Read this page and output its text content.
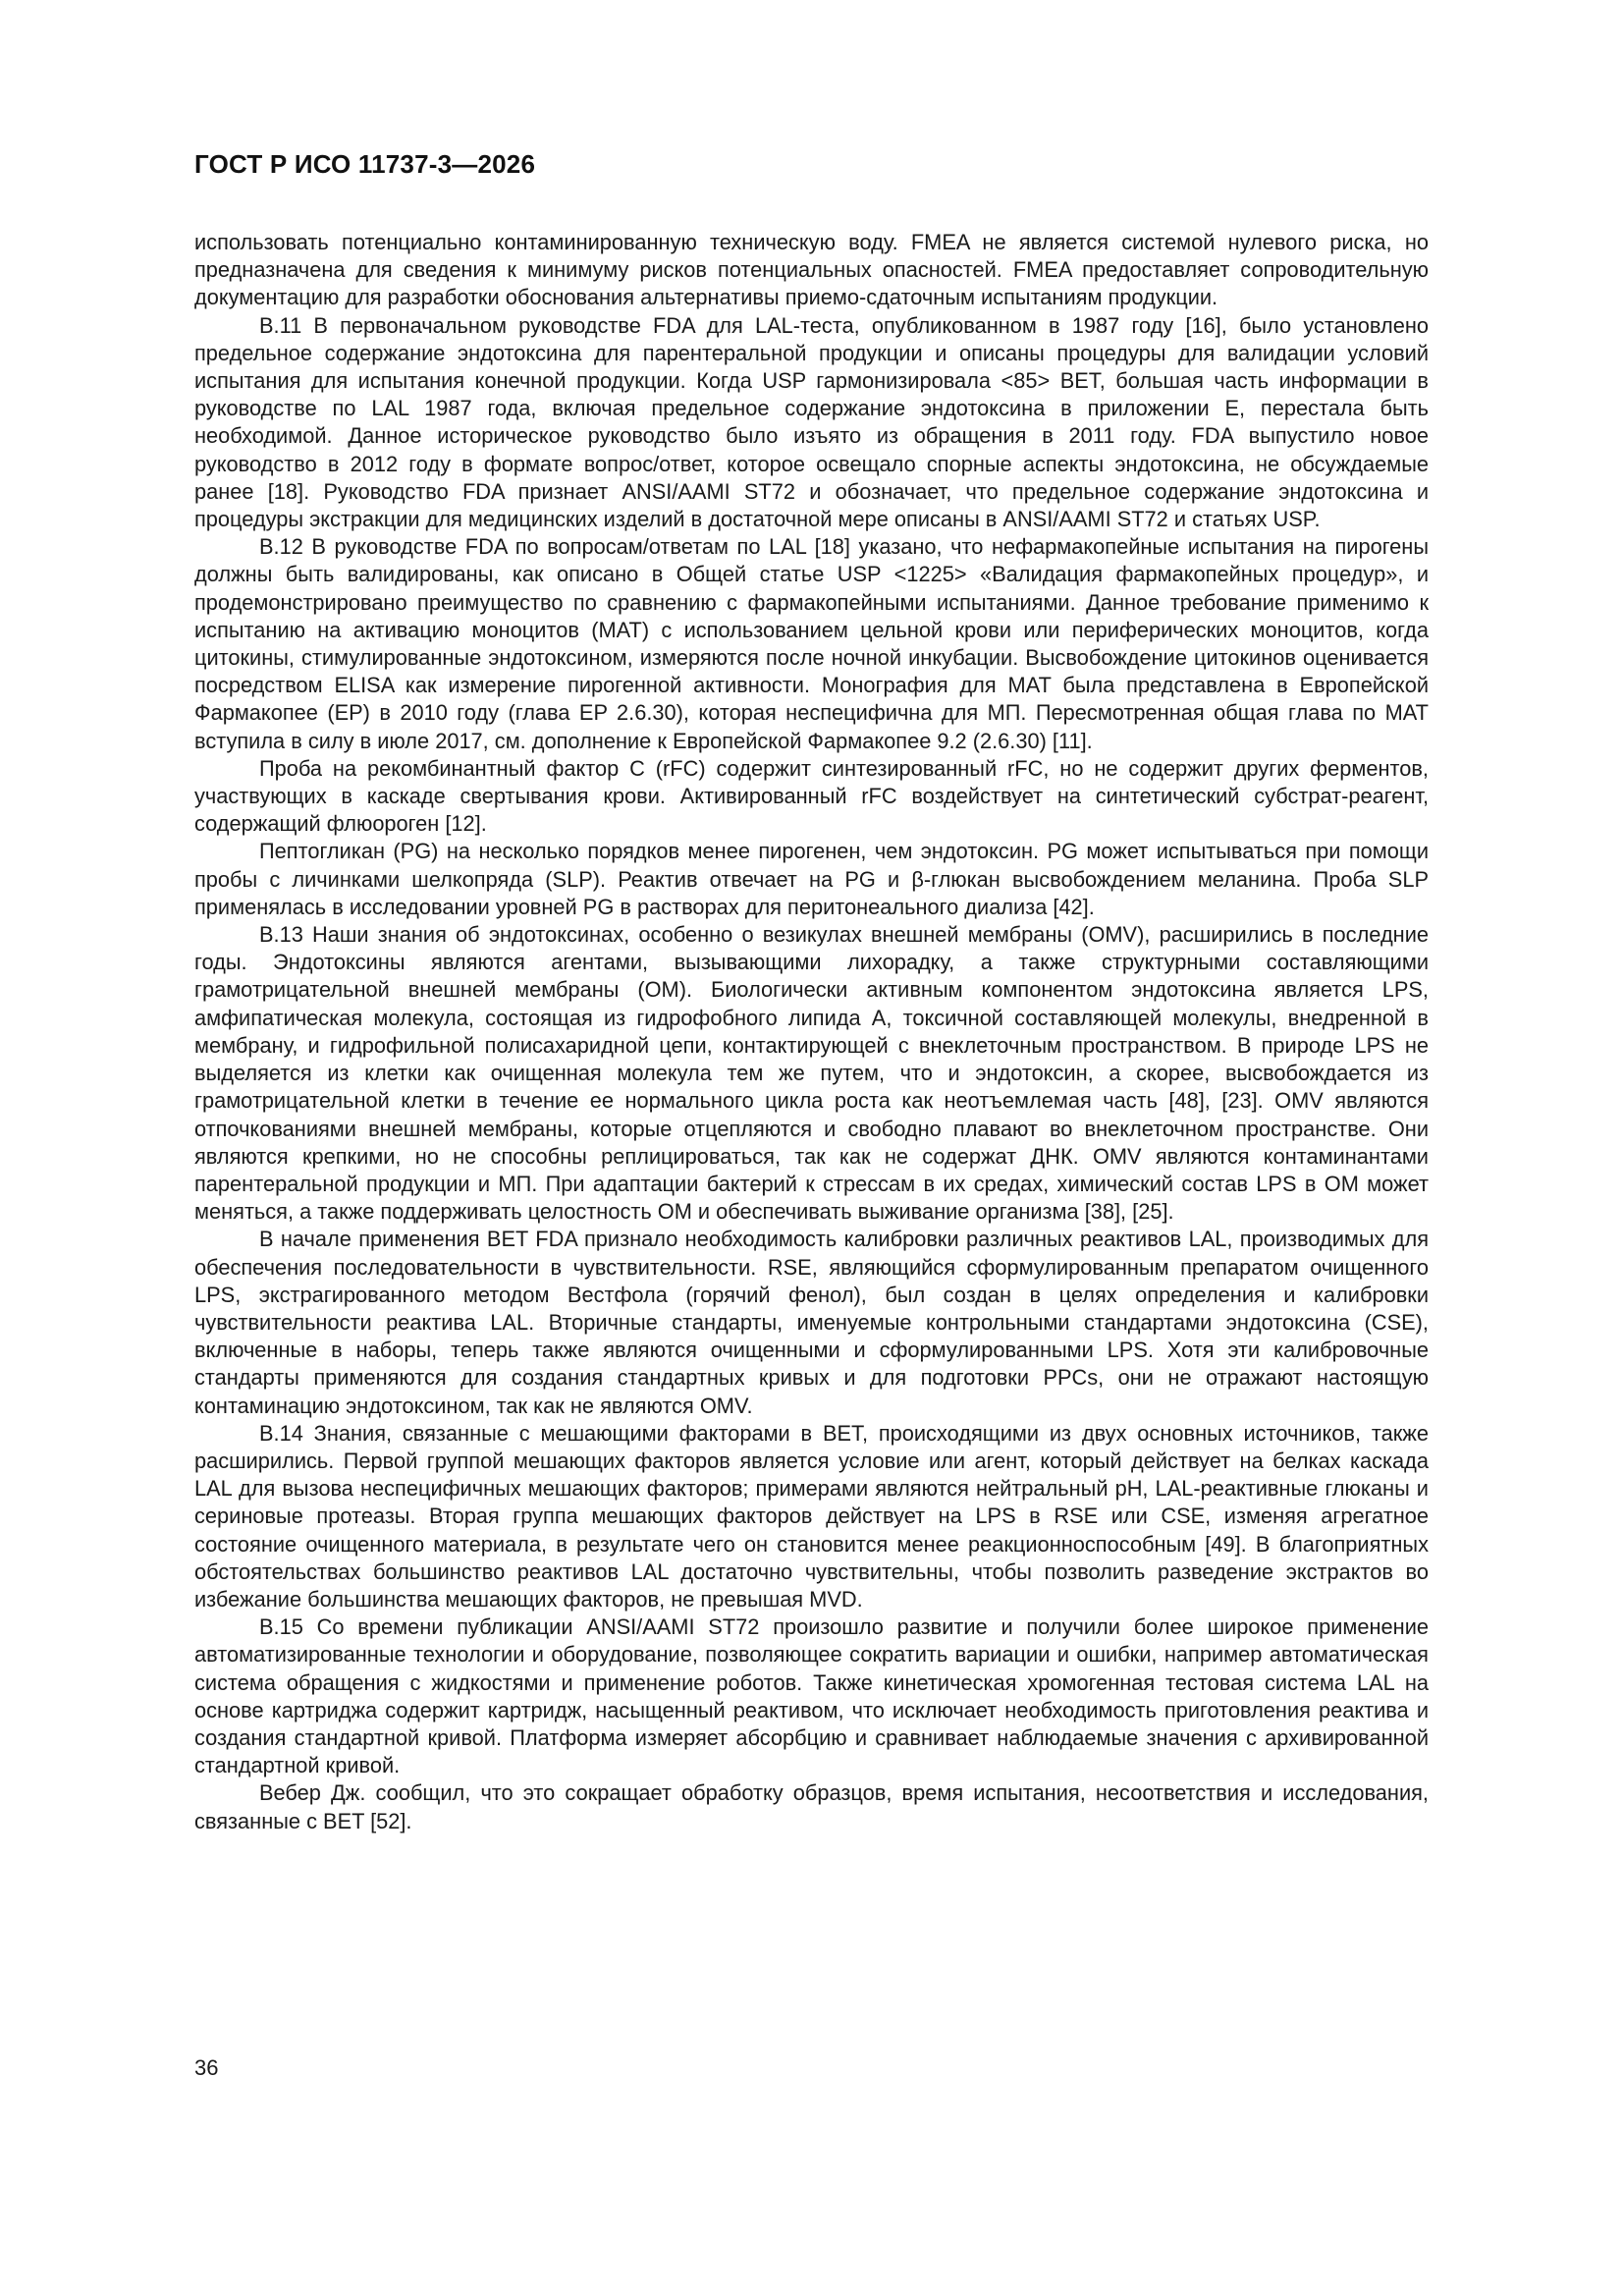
ГОСТ Р ИСО 11737-3—2026

использовать потенциально контаминированную техническую воду. FMEA не является системой нулевого риска, но предназначена для сведения к минимуму рисков потенциальных опасностей. FMEA предоставляет сопроводительную документацию для разработки обоснования альтернативы приемо-сдаточным испытаниям продукции.

В.11 В первоначальном руководстве FDA для LAL-теста, опубликованном в 1987 году [16], было установлено предельное содержание эндотоксина для парентеральной продукции и описаны процедуры для валидации условий испытания для испытания конечной продукции. Когда USP гармонизировала <85> BET, большая часть информации в руководстве по LAL 1987 года, включая предельное содержание эндотоксина в приложении Е, перестала быть необходимой. Данное историческое руководство было изъято из обращения в 2011 году. FDA выпустило новое руководство в 2012 году в формате вопрос/ответ, которое освещало спорные аспекты эндотоксина, не обсуждаемые ранее [18]. Руководство FDA признает ANSI/AAMI ST72 и обозначает, что предельное содержание эндотоксина и процедуры экстракции для медицинских изделий в достаточной мере описаны в ANSI/AAMI ST72 и статьях USP.

В.12 В руководстве FDA по вопросам/ответам по LAL [18] указано, что нефармакопейные испытания на пирогены должны быть валидированы, как описано в Общей статье USP <1225> «Валидация фармакопейных процедур», и продемонстрировано преимущество по сравнению с фармакопейными испытаниями. Данное требование применимо к испытанию на активацию моноцитов (MAT) с использованием цельной крови или периферических моноцитов, когда цитокины, стимулированные эндотоксином, измеряются после ночной инкубации. Высвобождение цитокинов оценивается посредством ELISA как измерение пирогенной активности. Монография для MAT была представлена в Европейской Фармакопее (EP) в 2010 году (глава EP 2.6.30), которая неспецифична для МП. Пересмотренная общая глава по MAT вступила в силу в июле 2017, см. дополнение к Европейской Фармакопее 9.2 (2.6.30) [11].

Проба на рекомбинантный фактор С (rFC) содержит синтезированный rFC, но не содержит других ферментов, участвующих в каскаде свертывания крови. Активированный rFC воздействует на синтетический субстрат-реагент, содержащий флюороген [12].

Пептогликан (PG) на несколько порядков менее пирогенен, чем эндотоксин. PG может испытываться при помощи пробы с личинками шелкопряда (SLP). Реактив отвечает на PG и β-глюкан высвобождением меланина. Проба SLP применялась в исследовании уровней PG в растворах для перитонеального диализа [42].

В.13 Наши знания об эндотоксинах, особенно о везикулах внешней мембраны (OMV), расширились в последние годы. Эндотоксины являются агентами, вызывающими лихорадку, а также структурными составляющими грамотрицательной внешней мембраны (OM). Биологически активным компонентом эндотоксина является LPS, амфипатическая молекула, состоящая из гидрофобного липида А, токсичной составляющей молекулы, внедренной в мембрану, и гидрофильной полисахаридной цепи, контактирующей с внеклеточным пространством. В природе LPS не выделяется из клетки как очищенная молекула тем же путем, что и эндотоксин, а скорее, высвобождается из грамотрицательной клетки в течение ее нормального цикла роста как неотъемлемая часть [48], [23]. OMV являются отпочкованиями внешней мембраны, которые отцепляются и свободно плавают во внеклеточном пространстве. Они являются крепкими, но не способны реплицироваться, так как не содержат ДНК. OMV являются контаминантами парентеральной продукции и МП. При адаптации бактерий к стрессам в их средах, химический состав LPS в OM может меняться, а также поддерживать целостность OM и обеспечивать выживание организма [38], [25].

В начале применения BET FDA признало необходимость калибровки различных реактивов LAL, производимых для обеспечения последовательности в чувствительности. RSE, являющийся сформулированным препаратом очищенного LPS, экстрагированного методом Вестфола (горячий фенол), был создан в целях определения и калибровки чувствительности реактива LAL. Вторичные стандарты, именуемые контрольными стандартами эндотоксина (CSE), включенные в наборы, теперь также являются очищенными и сформулированными LPS. Хотя эти калибровочные стандарты применяются для создания стандартных кривых и для подготовки PPCs, они не отражают настоящую контаминацию эндотоксином, так как не являются OMV.

В.14 Знания, связанные с мешающими факторами в BET, происходящими из двух основных источников, также расширились. Первой группой мешающих факторов является условие или агент, который действует на белках каскада LAL для вызова неспецифичных мешающих факторов; примерами являются нейтральный pH, LAL-реактивные глюканы и сериновые протеазы. Вторая группа мешающих факторов действует на LPS в RSE или CSE, изменяя агрегатное состояние очищенного материала, в результате чего он становится менее реакционноспособным [49]. В благоприятных обстоятельствах большинство реактивов LAL достаточно чувствительны, чтобы позволить разведение экстрактов во избежание большинства мешающих факторов, не превышая MVD.

В.15 Со времени публикации ANSI/AAMI ST72 произошло развитие и получили более широкое применение автоматизированные технологии и оборудование, позволяющее сократить вариации и ошибки, например автоматическая система обращения с жидкостями и применение роботов. Также кинетическая хромогенная тестовая система LAL на основе картриджа содержит картридж, насыщенный реактивом, что исключает необходимость приготовления реактива и создания стандартной кривой. Платформа измеряет абсорбцию и сравнивает наблюдаемые значения с архивированной стандартной кривой.

Вебер Дж. сообщил, что это сокращает обработку образцов, время испытания, несоответствия и исследования, связанные с BET [52].

36
